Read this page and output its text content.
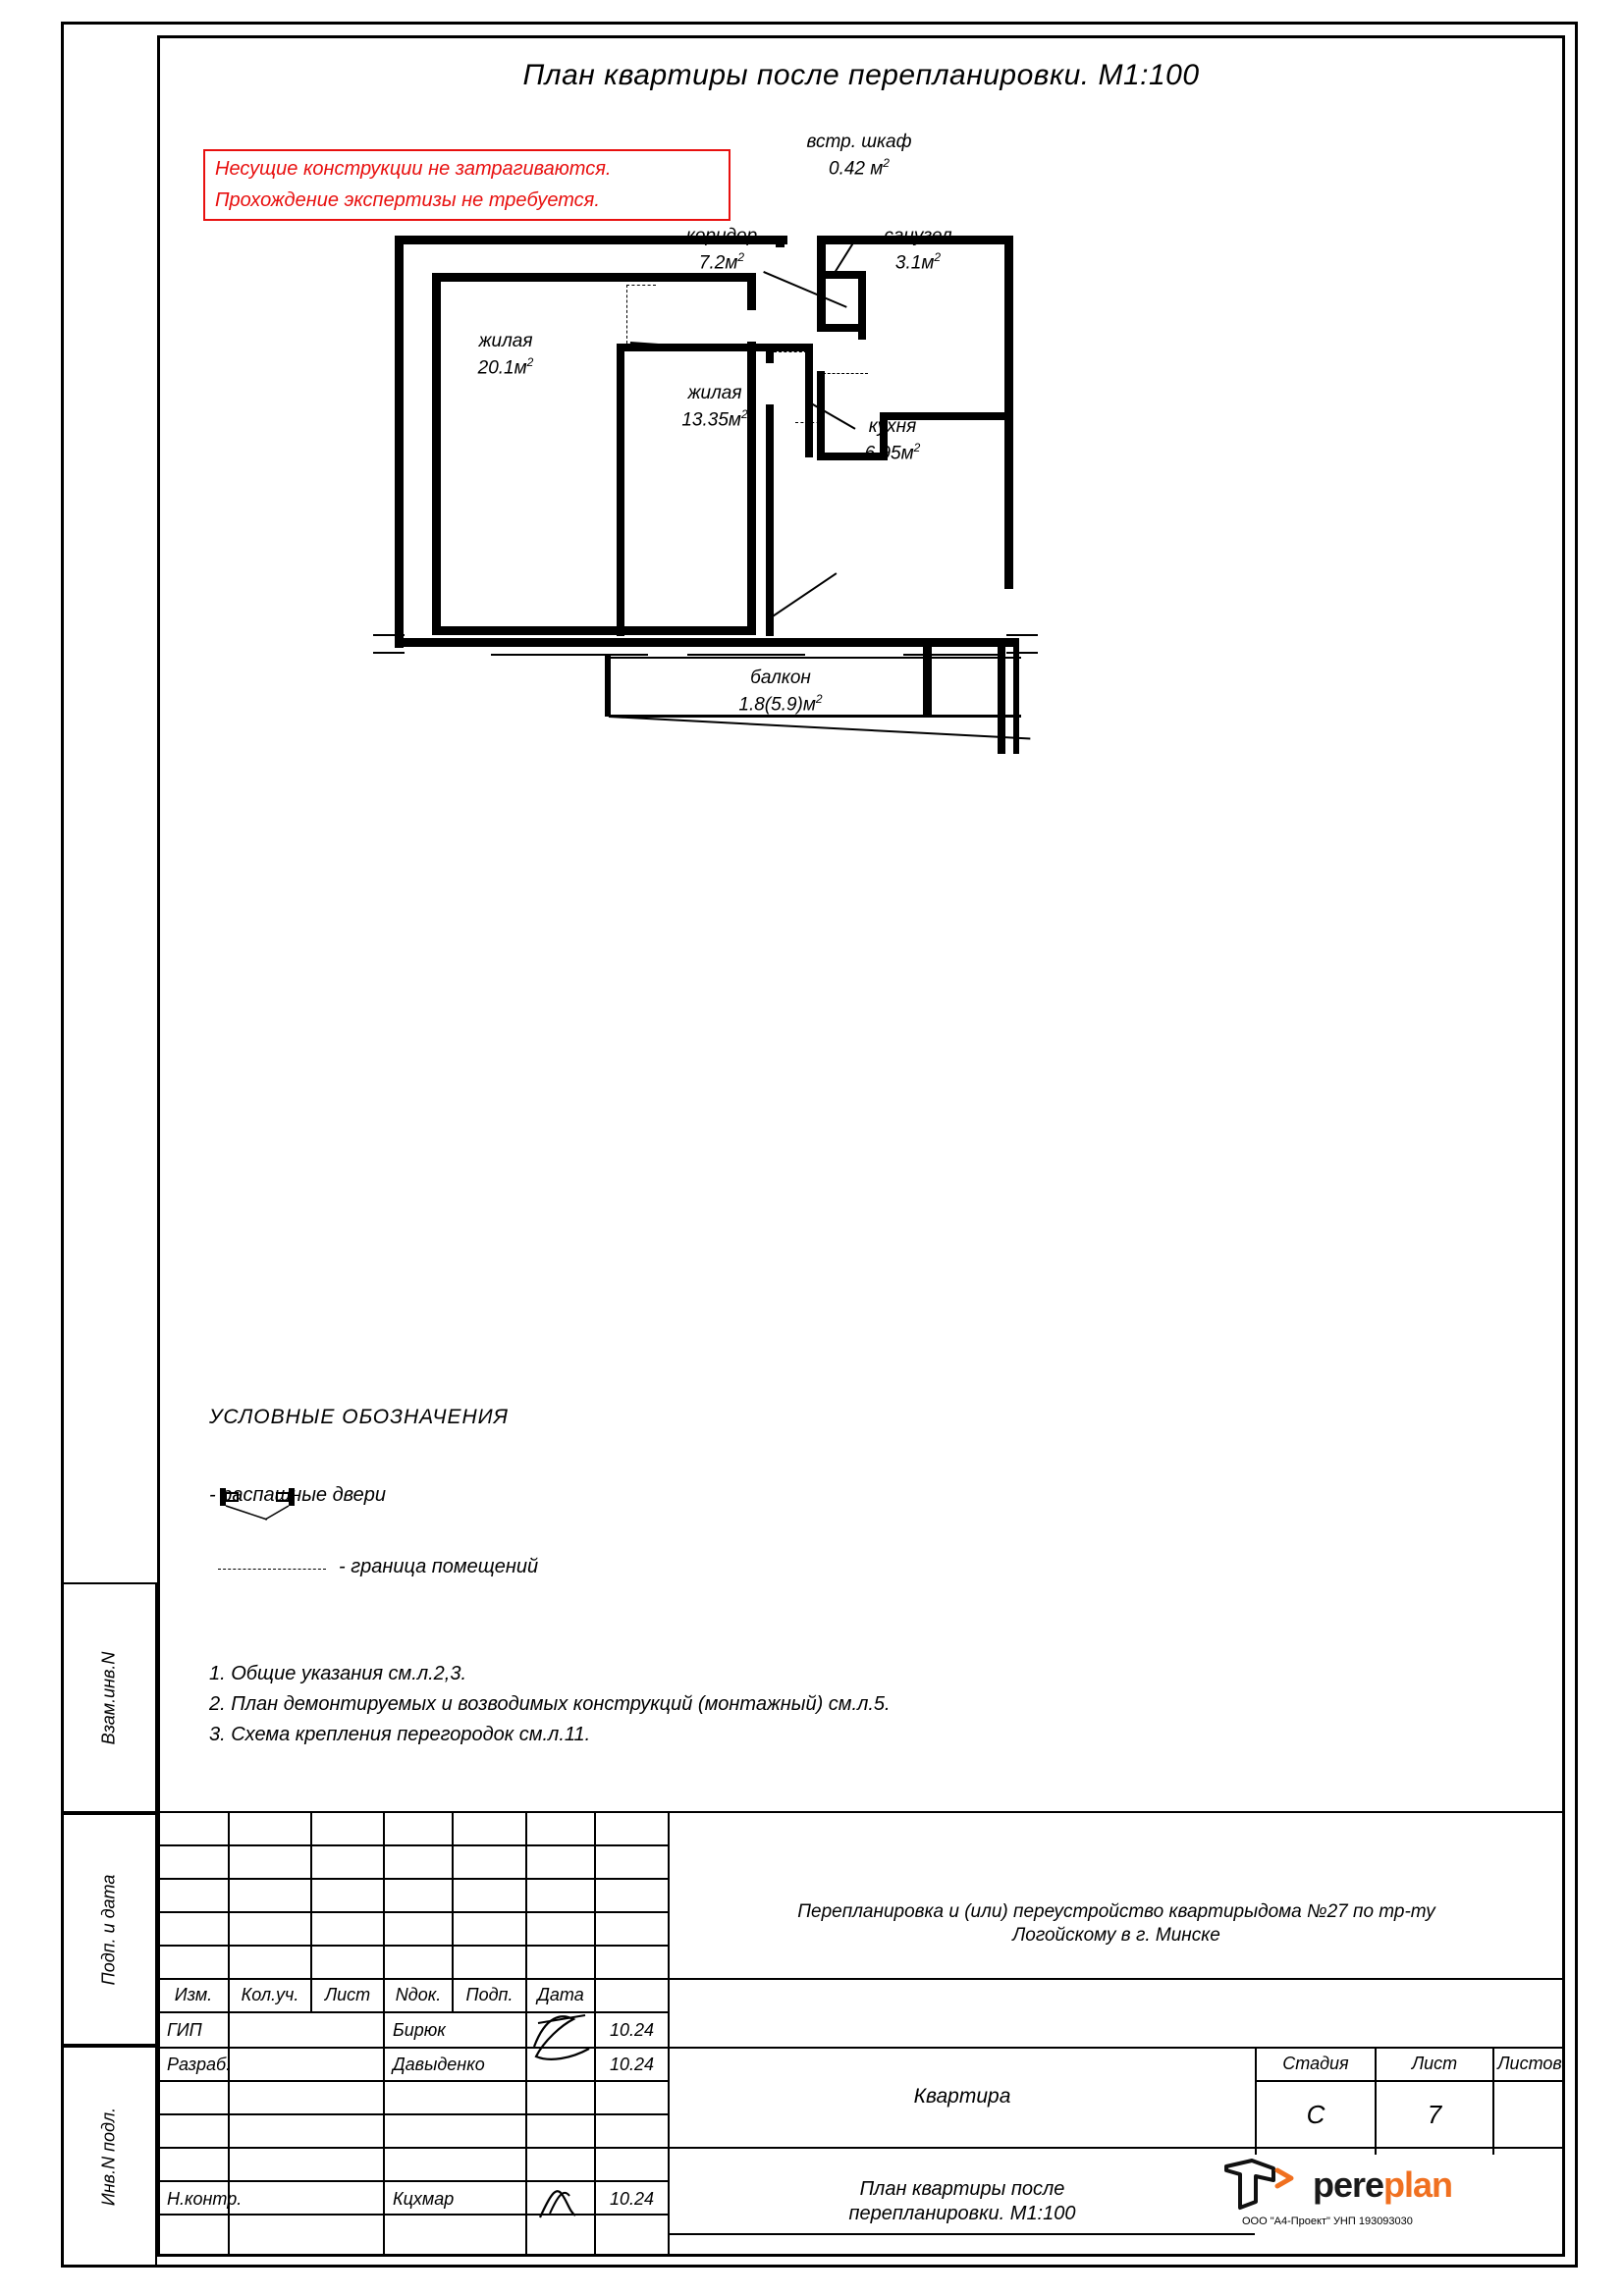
План квартиры после перепланировки. М1:100
Несущие конструкции не затрагиваются.
Прохождение экспертизы не требуется.
встр. шкаф
0.42 $м^2$
коридор
$7.2м^2$
санузел
$3.1м^2$
жилая
$20.1м^2$
жилая
$13.35м^2$
кухня
$6.95м^2$
балкон
$1.8(5.9)м^2$
УСЛОВНЫЕ ОБОЗНАЧЕНИЯ
- распашные двери
- граница помещений
1. Общие указания см.л.2,3.
2. План демонтируемых и возводимых конструкций (монтажный) см.л.5.
3. Схема крепления перегородок см.л.11.
Взам.инв.N
Подп. и дата
Инв.N подл.
Изм.	Кол.уч.	Лист	Nдок.	Подп.	Дата
ГИП	Бирюк	10.24
Разраб.	Давыденко	10.24
Н.контр.	Кцхмар	10.24
Перепланировка и (или) переустройство квартирыдома №27 по тр-ту
Логойскому в г. Минске
Квартира
Стадия	Лист	Листов
С	7
План квартиры после
перепланировки. М1:100
pereplan
ООО "А4-Проект" УНП 193093030
